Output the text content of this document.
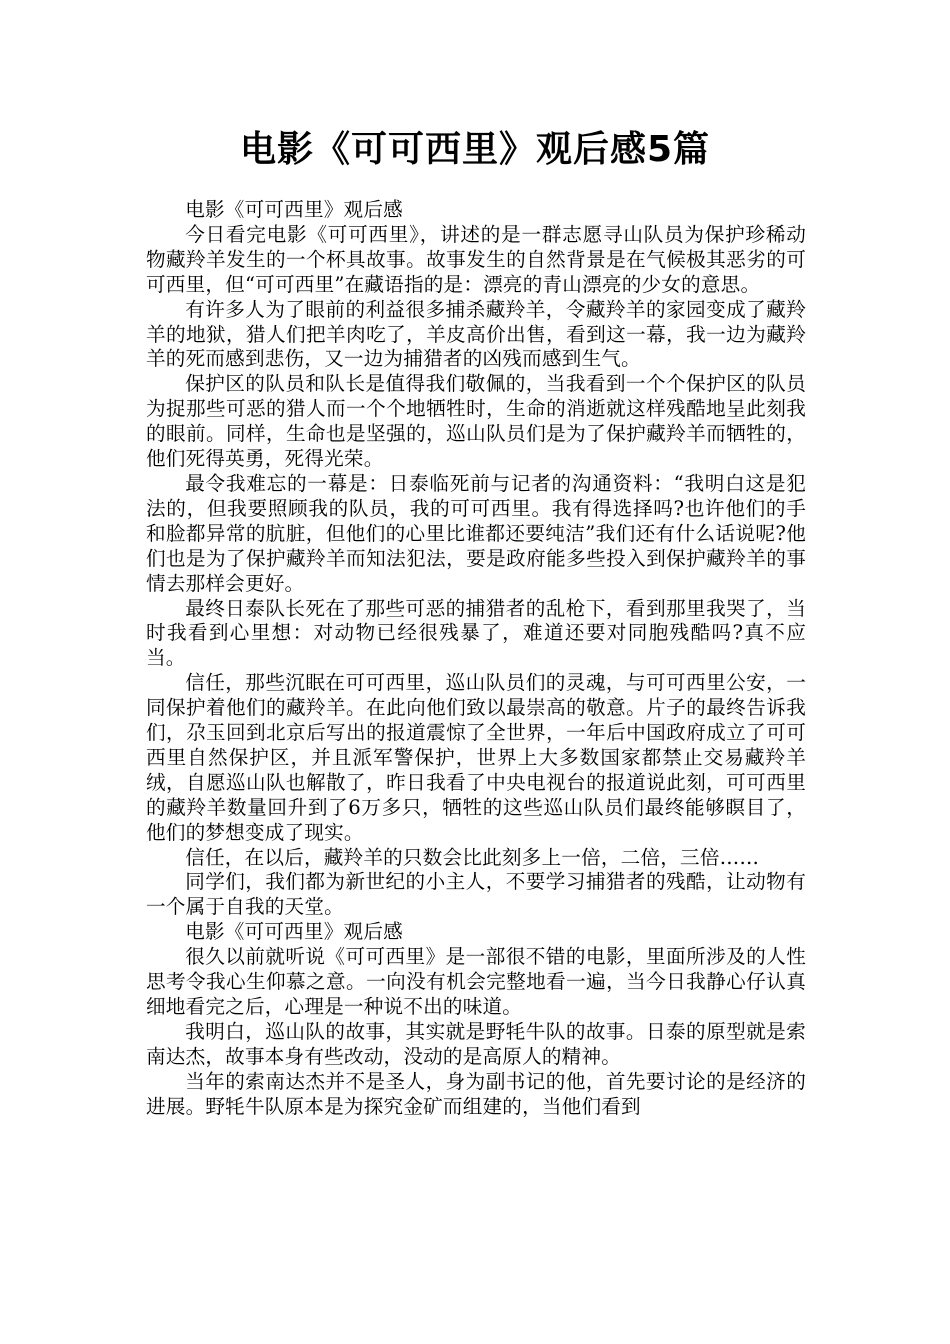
电影《可可西里》观后感5篇

电影《可可西里》观后感

今日看完电影《可可西里》，讲述的是一群志愿寻山队员为保护珍稀动物藏羚羊发生的一个杯具故事。故事发生的自然背景是在气候极其恶劣的可可西里，但“可可西里”在藏语指的是：漂亮的青山漂亮的少女的意思。

有许多人为了眼前的利益很多捕杀藏羚羊，令藏羚羊的家园变成了藏羚羊的地狱，猎人们把羊肉吃了，羊皮高价出售，看到这一幕，我一边为藏羚羊的死而感到悲伤，又一边为捕猎者的凶残而感到生气。

保护区的队员和队长是值得我们敬佩的，当我看到一个个保护区的队员为捉那些可恶的猎人而一个个地牺牲时，生命的消逝就这样残酷地呈此刻我的眼前。同样，生命也是坚强的，巡山队员们是为了保护藏羚羊而牺牲的，他们死得英勇，死得光荣。

最令我难忘的一幕是：日泰临死前与记者的沟通资料：“我明白这是犯法的，但我要照顾我的队员，我的可可西里。我有得选择吗?也许他们的手和脸都异常的肮脏，但他们的心里比谁都还要纯洁”我们还有什么话说呢?他们也是为了保护藏羚羊而知法犯法，要是政府能多些投入到保护藏羚羊的事情去那样会更好。

最终日泰队长死在了那些可恶的捕猎者的乱枪下，看到那里我哭了，当时我看到心里想：对动物已经很残暴了，难道还要对同胞残酷吗?真不应当。

信任，那些沉眠在可可西里，巡山队员们的灵魂，与可可西里公安，一同保护着他们的藏羚羊。在此向他们致以最崇高的敬意。片子的最终告诉我们，尕玉回到北京后写出的报道震惊了全世界，一年后中国政府成立了可可西里自然保护区，并且派军警保护，世界上大多数国家都禁止交易藏羚羊绒，自愿巡山队也解散了，昨日我看了中央电视台的报道说此刻，可可西里的藏羚羊数量回升到了6万多只，牺牲的这些巡山队员们最终能够瞑目了，他们的梦想变成了现实。

信任，在以后，藏羚羊的只数会比此刻多上一倍，二倍，三倍……

同学们，我们都为新世纪的小主人，不要学习捕猎者的残酷，让动物有一个属于自我的天堂。

电影《可可西里》观后感

很久以前就听说《可可西里》是一部很不错的电影，里面所涉及的人性思考令我心生仰慕之意。一向没有机会完整地看一遍，当今日我静心仔认真细地看完之后，心理是一种说不出的味道。

我明白，巡山队的故事，其实就是野牦牛队的故事。日泰的原型就是索南达杰，故事本身有些改动，没动的是高原人的精神。

当年的索南达杰并不是圣人，身为副书记的他，首先要讨论的是经济的进展。野牦牛队原本是为探究金矿而组建的，当他们看到
